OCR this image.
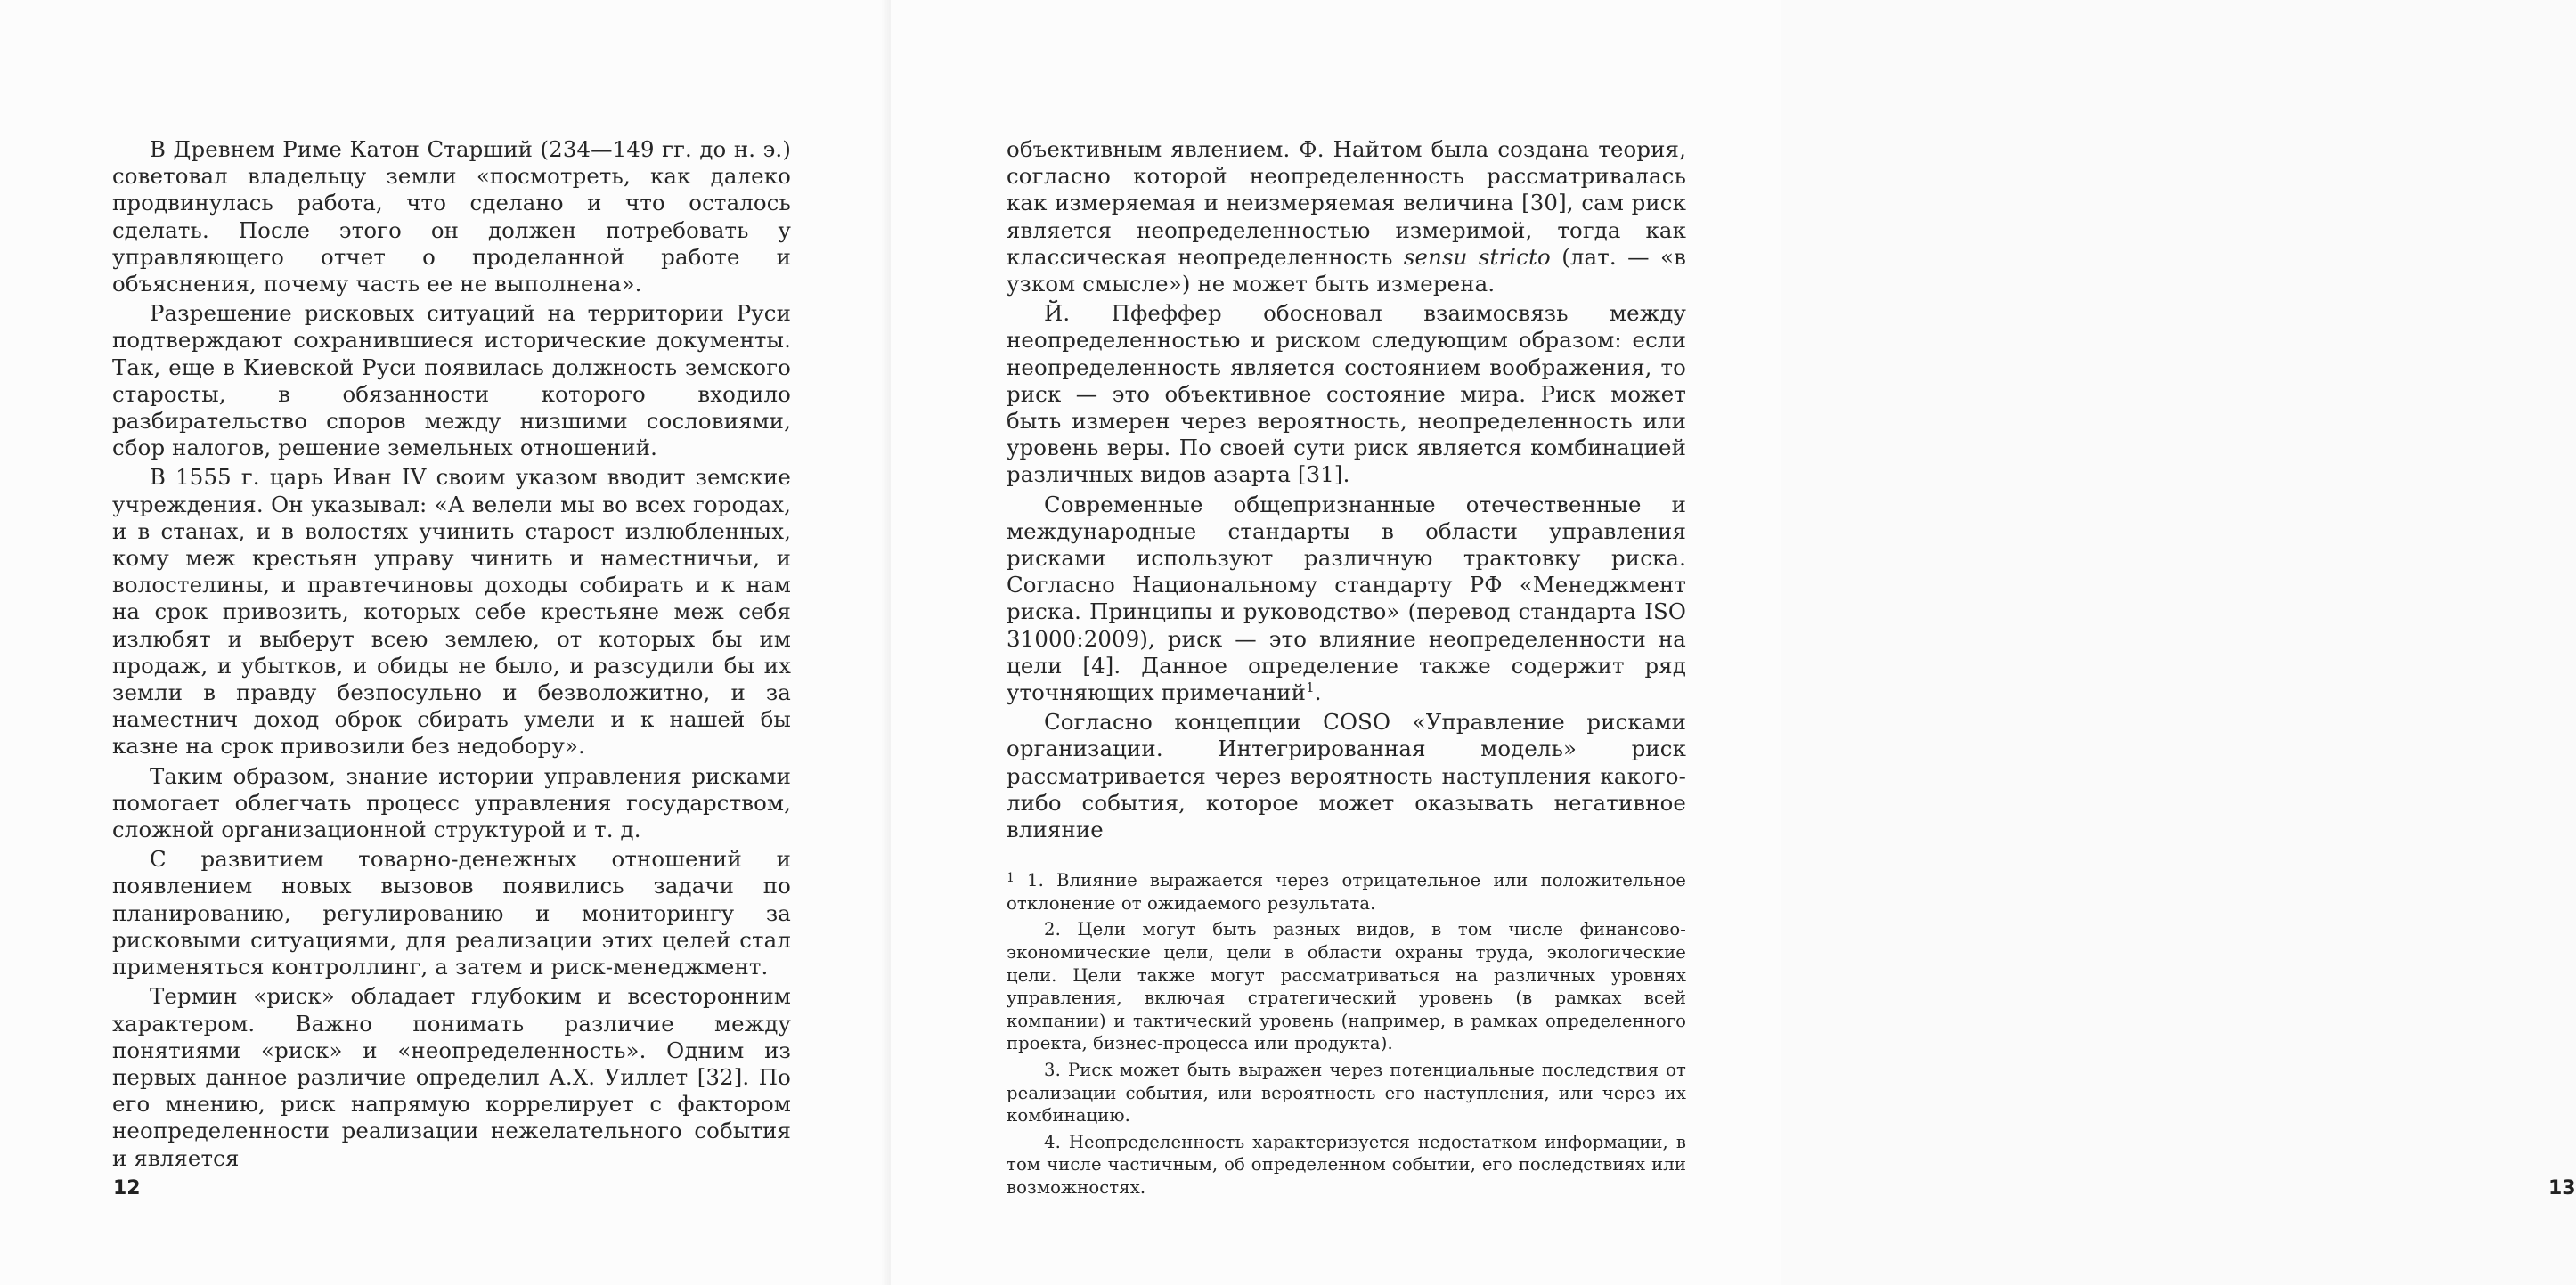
В Древнем Риме Катон Старший (234—149 гг. до н. э.) советовал владельцу земли «посмотреть, как далеко продвинулась работа, что сделано и что осталось сделать. После этого он должен потребовать у управляющего отчет о проделанной работе и объяснения, почему часть ее не выполнена».

Разрешение рисковых ситуаций на территории Руси подтверждают сохранившиеся исторические документы. Так, еще в Киевской Руси появилась должность земского старосты, в обязанности которого входило разбирательство споров между низшими сословиями, сбор налогов, решение земельных отношений.

В 1555 г. царь Иван IV своим указом вводит земские учреждения. Он указывал: «А велели мы во всех городах, и в станах, и в волостях учинить старост излюбленных, кому меж крестьян управу чинить и наместничьи, и волостелины, и правтечиновы доходы собирать и к нам на срок привозить, которых себе крестьяне меж себя излюбят и выберут всею землею, от которых бы им продаж, и убытков, и обиды не было, и разсудили бы их земли в правду безпосульно и безволожитно, и за наместнич доход оброк сбирать умели и к нашей бы казне на срок привозили без недобору».

Таким образом, знание истории управления рисками помогает облегчать процесс управления государством, сложной организационной структурой и т. д.

С развитием товарно-денежных отношений и появлением новых вызовов появились задачи по планированию, регулированию и мониторингу за рисковыми ситуациями, для реализации этих целей стал применяться контроллинг, а затем и риск-менеджмент.

Термин «риск» обладает глубоким и всесторонним характером. Важно понимать различие между понятиями «риск» и «неопределенность». Одним из первых данное различие определил А.Х. Уиллет [32]. По его мнению, риск напрямую коррелирует с фактором неопределенности реализации нежелательного события и является

12

объективным явлением. Ф. Найтом была создана теория, согласно которой неопределенность рассматривалась как измеряемая и неизмеряемая величина [30], сам риск является неопределенностью измеримой, тогда как классическая неопределенность sensu stricto (лат. — «в узком смысле») не может быть измерена.

Й. Пфеффер обосновал взаимосвязь между неопределенностью и риском следующим образом: если неопределенность является состоянием воображения, то риск — это объективное состояние мира. Риск может быть измерен через вероятность, неопределенность или уровень веры. По своей сути риск является комбинацией различных видов азарта [31].

Современные общепризнанные отечественные и международные стандарты в области управления рисками используют различную трактовку риска. Согласно Национальному стандарту РФ «Менеджмент риска. Принципы и руководство» (перевод стандарта ISO 31000:2009), риск — это влияние неопределенности на цели [4]. Данное определение также содержит ряд уточняющих примечаний$^1$.

Согласно концепции COSO «Управление рисками организации. Интегрированная модель» риск рассматривается через вероятность наступления какого-либо события, которое может оказывать негативное влияние

$^1$ 1. Влияние выражается через отрицательное или положительное отклонение от ожидаемого результата.

2. Цели могут быть разных видов, в том числе финансово-экономические цели, цели в области охраны труда, экологические цели. Цели также могут рассматриваться на различных уровнях управления, включая стратегический уровень (в рамках всей компании) и тактический уровень (например, в рамках определенного проекта, бизнес-процесса или продукта).

3. Риск может быть выражен через потенциальные последствия от реализации события, или вероятность его наступления, или через их комбинацию.

4. Неопределенность характеризуется недостатком информации, в том числе частичным, об определенном событии, его последствиях или возможностях.	13
